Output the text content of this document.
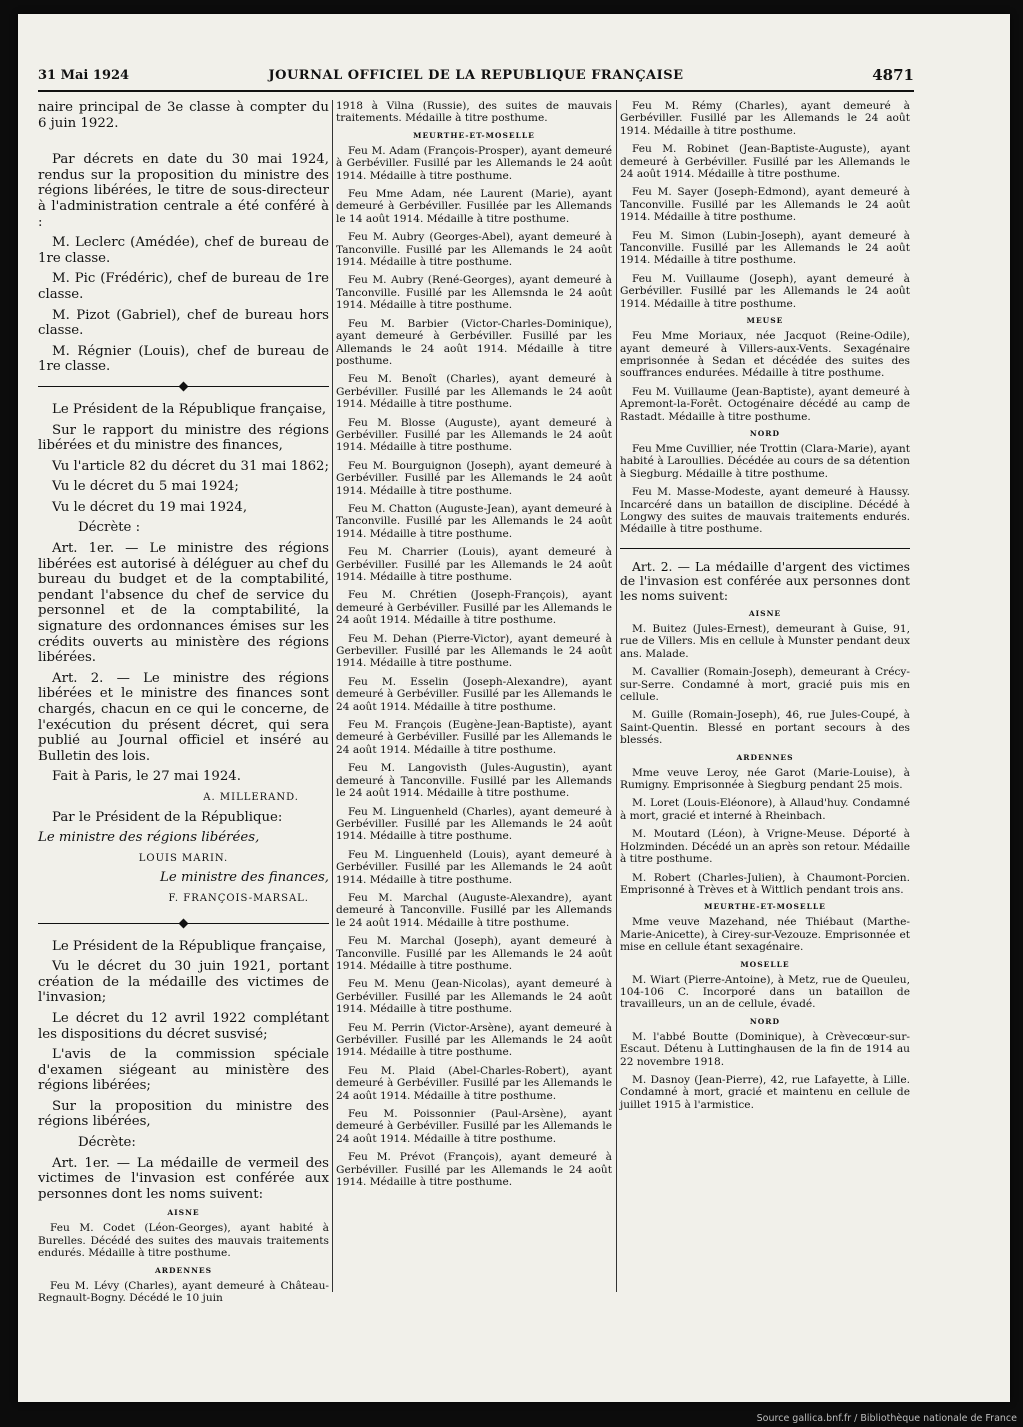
31 Mai 1924	JOURNAL OFFICIEL DE LA REPUBLIQUE FRANÇAISE	4871

naire principal de 3e classe à compter du 6 juin 1922.

Par décrets en date du 30 mai 1924, rendus sur la proposition du ministre des régions libérées, le titre de sous-directeur à l'administration centrale a été conféré à :

M. Leclerc (Amédée), chef de bureau de 1re classe.

M. Pic (Frédéric), chef de bureau de 1re classe.

M. Pizot (Gabriel), chef de bureau hors classe.

M. Régnier (Louis), chef de bureau de 1re classe.

Le Président de la République française,

Sur le rapport du ministre des régions libérées et du ministre des finances,

Vu l'article 82 du décret du 31 mai 1862;

Vu le décret du 5 mai 1924;

Vu le décret du 19 mai 1924,

Décrète :

Art. 1er. — Le ministre des régions libérées est autorisé à déléguer au chef du bureau du budget et de la comptabilité, pendant l'absence du chef de service du personnel et de la comptabilité, la signature des ordonnances émises sur les crédits ouverts au ministère des régions libérées.

Art. 2. — Le ministre des régions libérées et le ministre des finances sont chargés, chacun en ce qui le concerne, de l'exécution du présent décret, qui sera publié au Journal officiel et inséré au Bulletin des lois.

Fait à Paris, le 27 mai 1924.

A. MILLERAND.

Par le Président de la République:

Le ministre des régions libérées,

LOUIS MARIN.

Le ministre des finances,

F. FRANÇOIS-MARSAL.

Le Président de la République française,

Vu le décret du 30 juin 1921, portant création de la médaille des victimes de l'invasion;

Le décret du 12 avril 1922 complétant les dispositions du décret susvisé;

L'avis de la commission spéciale d'examen siégeant au ministère des régions libérées;

Sur la proposition du ministre des régions libérées,

Décrète:

Art. 1er. — La médaille de vermeil des victimes de l'invasion est conférée aux personnes dont les noms suivent:

AISNE

Feu M. Codet (Léon-Georges), ayant habité à Burelles. Décédé des suites des mauvais traitements endurés. Médaille à titre posthume.

ARDENNES

Feu M. Lévy (Charles), ayant demeuré à Château-Regnault-Bogny. Décédé le 10 juin

1918 à Vilna (Russie), des suites de mauvais traitements. Médaille à titre posthume.

MEURTHE-ET-MOSELLE

Feu M. Adam (François-Prosper), ayant demeuré à Gerbéviller. Fusillé par les Allemands le 24 août 1914. Médaille à titre posthume.

Feu Mme Adam, née Laurent (Marie), ayant demeuré à Gerbéviller. Fusillée par les Allemands le 14 août 1914. Médaille à titre posthume.

Feu M. Aubry (Georges-Abel), ayant demeuré à Tanconville. Fusillé par les Allemands le 24 août 1914. Médaille à titre posthume.

Feu M. Aubry (René-Georges), ayant demeuré à Tanconville. Fusillé par les Allemsnda le 24 août 1914. Médaille à titre posthume.

Feu M. Barbier (Victor-Charles-Dominique), ayant demeuré à Gerbéviller. Fusillé par les Allemands le 24 août 1914. Médaille à titre posthume.

Feu M. Benoît (Charles), ayant demeuré à Gerbéviller. Fusillé par les Allemands le 24 août 1914. Médaille à titre posthume.

Feu M. Blosse (Auguste), ayant demeuré à Gerbéviller. Fusillé par les Allemands le 24 août 1914. Médaille à titre posthume.

Feu M. Bourguignon (Joseph), ayant demeuré à Gerbéviller. Fusillé par les Allemands le 24 août 1914. Médaille à titre posthume.

Feu M. Chatton (Auguste-Jean), ayant demeuré à Tanconville. Fusillé par les Allemands le 24 août 1914. Médaille à titre posthume.

Feu M. Charrier (Louis), ayant demeuré à Gerbéviller. Fusillé par les Allemands le 24 août 1914. Médaille à titre posthume.

Feu M. Chrétien (Joseph-François), ayant demeuré à Gerbéviller. Fusillé par les Allemands le 24 août 1914. Médaille à titre posthume.

Feu M. Dehan (Pierre-Victor), ayant demeuré à Gerbeviller. Fusillé par les Allemands le 24 août 1914. Médaille à titre posthume.

Feu M. Esselin (Joseph-Alexandre), ayant demeuré à Gerbéviller. Fusillé par les Allemands le 24 août 1914. Médaille à titre posthume.

Feu M. François (Eugène-Jean-Baptiste), ayant demeuré à Gerbéviller. Fusillé par les Allemands le 24 août 1914. Médaille à titre posthume.

Feu M. Langovisth (Jules-Augustin), ayant demeuré à Tanconville. Fusillé par les Allemands le 24 août 1914. Médaille à titre posthume.

Feu M. Linguenheld (Charles), ayant demeuré à Gerbéviller. Fusillé par les Allemands le 24 août 1914. Médaille à titre posthume.

Feu M. Linguenheld (Louis), ayant demeuré à Gerbéviller. Fusillé par les Allemands le 24 août 1914. Médaille à titre posthume.

Feu M. Marchal (Auguste-Alexandre), ayant demeuré à Tanconville. Fusillé par les Allemands le 24 août 1914. Médaille à titre posthume.

Feu M. Marchal (Joseph), ayant demeuré à Tanconville. Fusillé par les Allemands le 24 août 1914. Médaille à titre posthume.

Feu M. Menu (Jean-Nicolas), ayant demeuré à Gerbéviller. Fusillé par les Allemands le 24 août 1914. Médaille à titre posthume.

Feu M. Perrin (Victor-Arsène), ayant demeuré à Gerbéviller. Fusillé par les Allemands le 24 août 1914. Médaille à titre posthume.

Feu M. Plaid (Abel-Charles-Robert), ayant demeuré à Gerbéviller. Fusillé par les Allemands le 24 août 1914. Médaille à titre posthume.

Feu M. Poissonnier (Paul-Arsène), ayant demeuré à Gerbéviller. Fusillé par les Allemands le 24 août 1914. Médaille à titre posthume.

Feu M. Prévot (François), ayant demeuré à Gerbéviller. Fusillé par les Allemands le 24 août 1914. Médaille à titre posthume.

Feu M. Rémy (Charles), ayant demeuré à Gerbéviller. Fusillé par les Allemands le 24 août 1914. Médaille à titre posthume.

Feu M. Robinet (Jean-Baptiste-Auguste), ayant demeuré à Gerbéviller. Fusillé par les Allemands le 24 août 1914. Médaille à titre posthume.

Feu M. Sayer (Joseph-Edmond), ayant demeuré à Tanconville. Fusillé par les Allemands le 24 août 1914. Médaille à titre posthume.

Feu M. Simon (Lubin-Joseph), ayant demeuré à Tanconville. Fusillé par les Allemands le 24 août 1914. Médaille à titre posthume.

Feu M. Vuillaume (Joseph), ayant demeuré à Gerbéviller. Fusillé par les Allemands le 24 août 1914. Médaille à titre posthume.

MEUSE

Feu Mme Moriaux, née Jacquot (Reine-Odile), ayant demeuré à Villers-aux-Vents. Sexagénaire emprisonnée à Sedan et décédée des suites des souffrances endurées. Médaille à titre posthume.

Feu M. Vuillaume (Jean-Baptiste), ayant demeuré à Apremont-la-Forêt. Octogénaire décédé au camp de Rastadt. Médaille à titre posthume.

NORD

Feu Mme Cuvillier, née Trottin (Clara-Marie), ayant habité à Laroullies. Décédée au cours de sa détention à Siegburg. Médaille à titre posthume.

Feu M. Masse-Modeste, ayant demeuré à Haussy. Incarcéré dans un bataillon de discipline. Décédé à Longwy des suites de mauvais traitements endurés. Médaille à titre posthume.

Art. 2. — La médaille d'argent des victimes de l'invasion est conférée aux personnes dont les noms suivent:

AISNE

M. Buitez (Jules-Ernest), demeurant à Guise, 91, rue de Villers. Mis en cellule à Munster pendant deux ans. Malade.

M. Cavallier (Romain-Joseph), demeurant à Crécy-sur-Serre. Condamné à mort, gracié puis mis en cellule.

M. Guille (Romain-Joseph), 46, rue Jules-Coupé, à Saint-Quentin. Blessé en portant secours à des blessés.

ARDENNES

Mme veuve Leroy, née Garot (Marie-Louise), à Rumigny. Emprisonnée à Siegburg pendant 25 mois.

M. Loret (Louis-Eléonore), à Allaud'huy. Condamné à mort, gracié et interné à Rheinbach.

M. Moutard (Léon), à Vrigne-Meuse. Déporté à Holzminden. Décédé un an après son retour. Médaille à titre posthume.

M. Robert (Charles-Julien), à Chaumont-Porcien. Emprisonné à Trèves et à Wittlich pendant trois ans.

MEURTHE-ET-MOSELLE

Mme veuve Mazehand, née Thiébaut (Marthe-Marie-Anicette), à Cirey-sur-Vezouze. Emprisonnée et mise en cellule étant sexagénaire.

MOSELLE

M. Wiart (Pierre-Antoine), à Metz, rue de Queuleu, 104-106 C. Incorporé dans un bataillon de travailleurs, un an de cellule, évadé.

NORD

M. l'abbé Boutte (Dominique), à Crèvecœur-sur-Escaut. Détenu à Luttinghausen de la fin de 1914 au 22 novembre 1918.

M. Dasnoy (Jean-Pierre), 42, rue Lafayette, à Lille. Condamné à mort, gracié et maintenu en cellule de juillet 1915 à l'armistice.

Source gallica.bnf.fr / Bibliothèque nationale de France
